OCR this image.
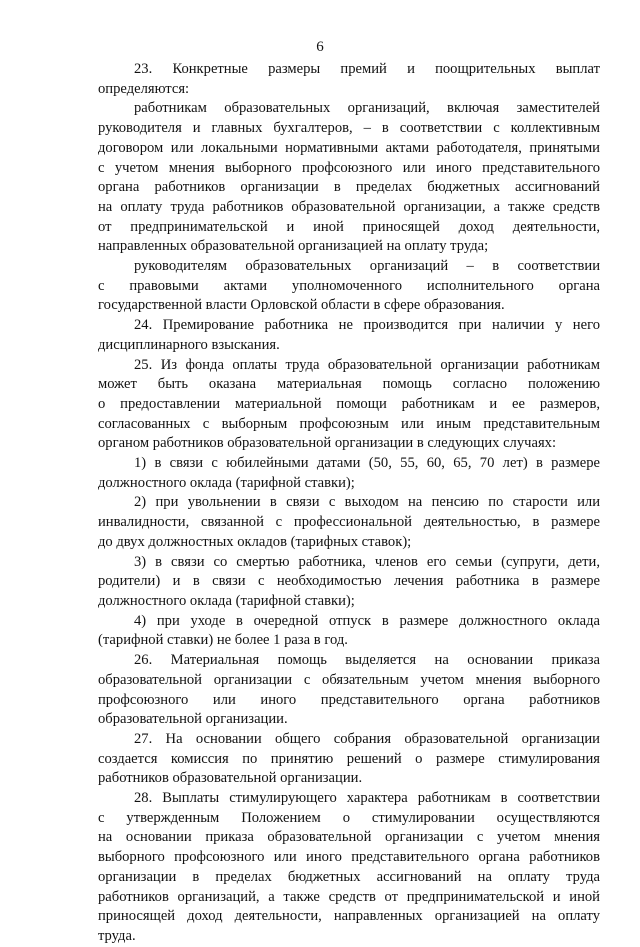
6
23. Конкретные размеры премий и поощрительных выплат
определяются:
работникам образовательных организаций, включая заместителей
руководителя и главных бухгалтеров, – в соответствии с коллективным
договором или локальными нормативными актами работодателя, принятыми
с учетом мнения выборного профсоюзного или иного представительного
органа работников организации в пределах бюджетных ассигнований
на оплату труда работников образовательной организации, а также средств
от предпринимательской и иной приносящей доход деятельности,
направленных образовательной организацией на оплату труда;
руководителям образовательных организаций – в соответствии
с правовыми актами уполномоченного исполнительного органа
государственной власти Орловской области в сфере образования.
24. Премирование работника не производится при наличии у него
дисциплинарного взыскания.
25. Из фонда оплаты труда образовательной организации работникам
может быть оказана материальная помощь согласно положению
о предоставлении материальной помощи работникам и ее размеров,
согласованных с выборным профсоюзным или иным представительным
органом работников образовательной организации в следующих случаях:
1) в связи с юбилейными датами (50, 55, 60, 65, 70 лет) в размере
должностного оклада (тарифной ставки);
2) при увольнении в связи с выходом на пенсию по старости или
инвалидности, связанной с профессиональной деятельностью, в размере
до двух должностных окладов (тарифных ставок);
3) в связи со смертью работника, членов его семьи (супруги, дети,
родители) и в связи с необходимостью лечения работника в размере
должностного оклада (тарифной ставки);
4) при уходе в очередной отпуск в размере должностного оклада
(тарифной ставки) не более 1 раза в год.
26. Материальная помощь выделяется на основании приказа
образовательной организации с обязательным учетом мнения выборного
профсоюзного или иного представительного органа работников
образовательной организации.
27. На основании общего собрания образовательной организации
создается комиссия по принятию решений о размере стимулирования
работников образовательной организации.
28. Выплаты стимулирующего характера работникам в соответствии
с утвержденным Положением о стимулировании осуществляются
на основании приказа образовательной организации с учетом мнения
выборного профсоюзного или иного представительного органа работников
организации в пределах бюджетных ассигнований на оплату труда
работников организаций, а также средств от предпринимательской и иной
приносящей доход деятельности, направленных организацией на оплату
труда.
